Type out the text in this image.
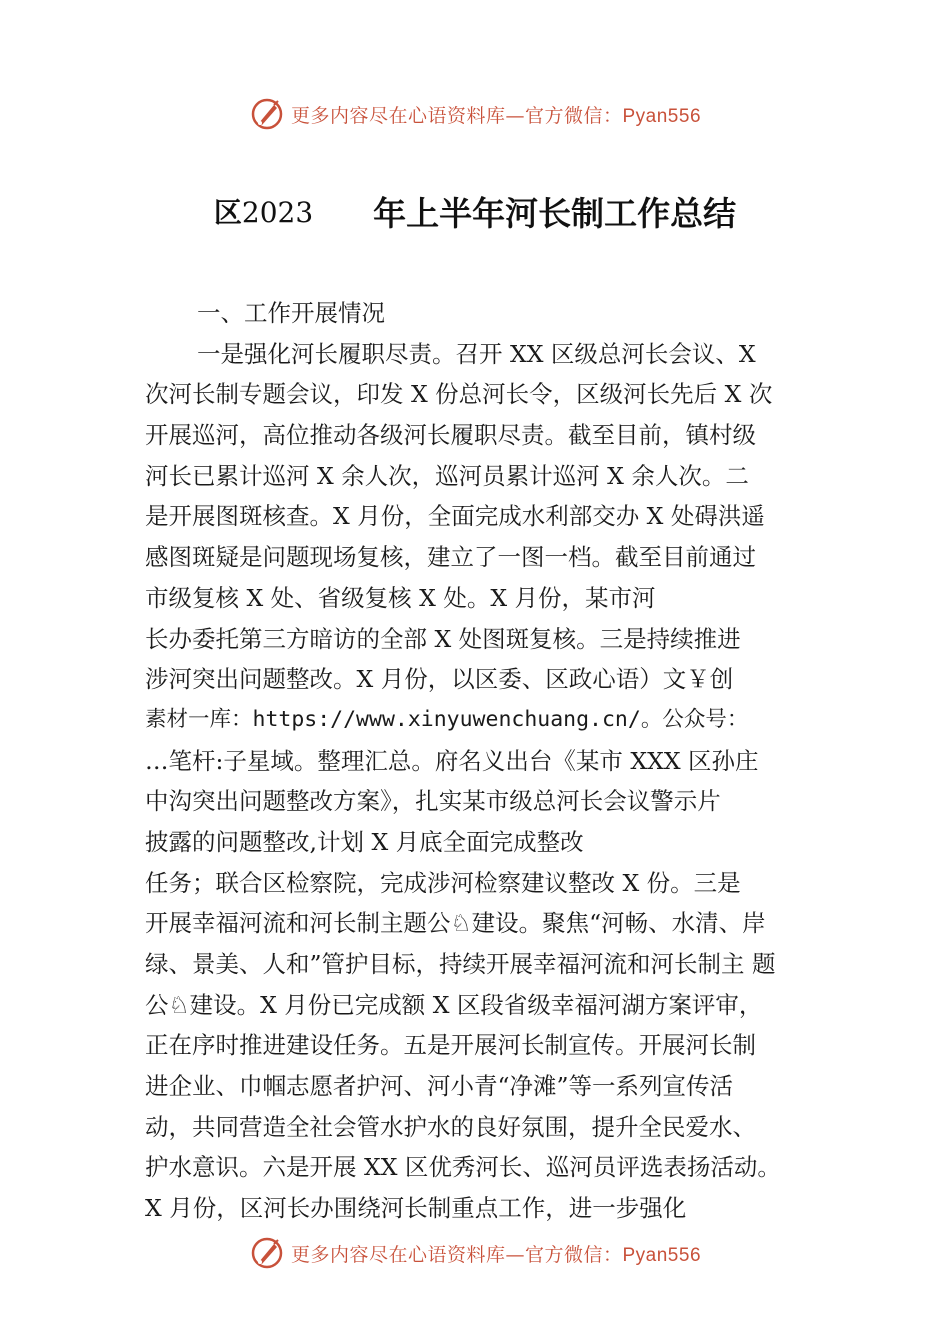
更多内容尽在心语资料库—官方微信：Pyan556
区2023 年上半年河长制工作总结
一、工作开展情况
一是强化河长履职尽责。召开 XX 区级总河长会议、X
次河长制专题会议，印发 X 份总河长令，区级河长先后 X 次
开展巡河，高位推动各级河长履职尽责。截至目前，镇村级
河长已累计巡河 X 余人次，巡河员累计巡河 X 余人次。二
是开展图斑核查。X 月份，全面完成水利部交办 X 处碍洪遥
感图斑疑是问题现场复核，建立了一图一档。截至目前通过
市级复核 X 处、省级复核 X 处。X 月份，某市河
长办委托第三方暗访的全部 X 处图斑复核。三是持续推进
涉河突出问题整改。X 月份，以区委、区政心语）文￥创
素材一库：https://www.xinyuwenchuang.cn/。公众号：
…笔杆:子星域。整理汇总。府名义出台《某市 XXX 区孙庄
中沟突出问题整改方案》，扎实某市级总河长会议警示片
披露的问题整改,计划 X 月底全面完成整改
任务；联合区检察院，完成涉河检察建议整改 X 份。三是
开展幸福河流和河长制主题公♘建设。聚焦“河畅、水清、岸
绿、景美、人和”管护目标，持续开展幸福河流和河长制主 题
公♘建设。X 月份已完成额 X 区段省级幸福河湖方案评审，
正在序时推进建设任务。五是开展河长制宣传。开展河长制
进企业、巾帼志愿者护河、河小青“净滩”等一系列宣传活
动，共同营造全社会管水护水的良好氛围，提升全民爱水、
护水意识。六是开展 XX 区优秀河长、巡河员评选表扬活动。
X 月份，区河长办围绕河长制重点工作，进一步强化
更多内容尽在心语资料库—官方微信：Pyan556
